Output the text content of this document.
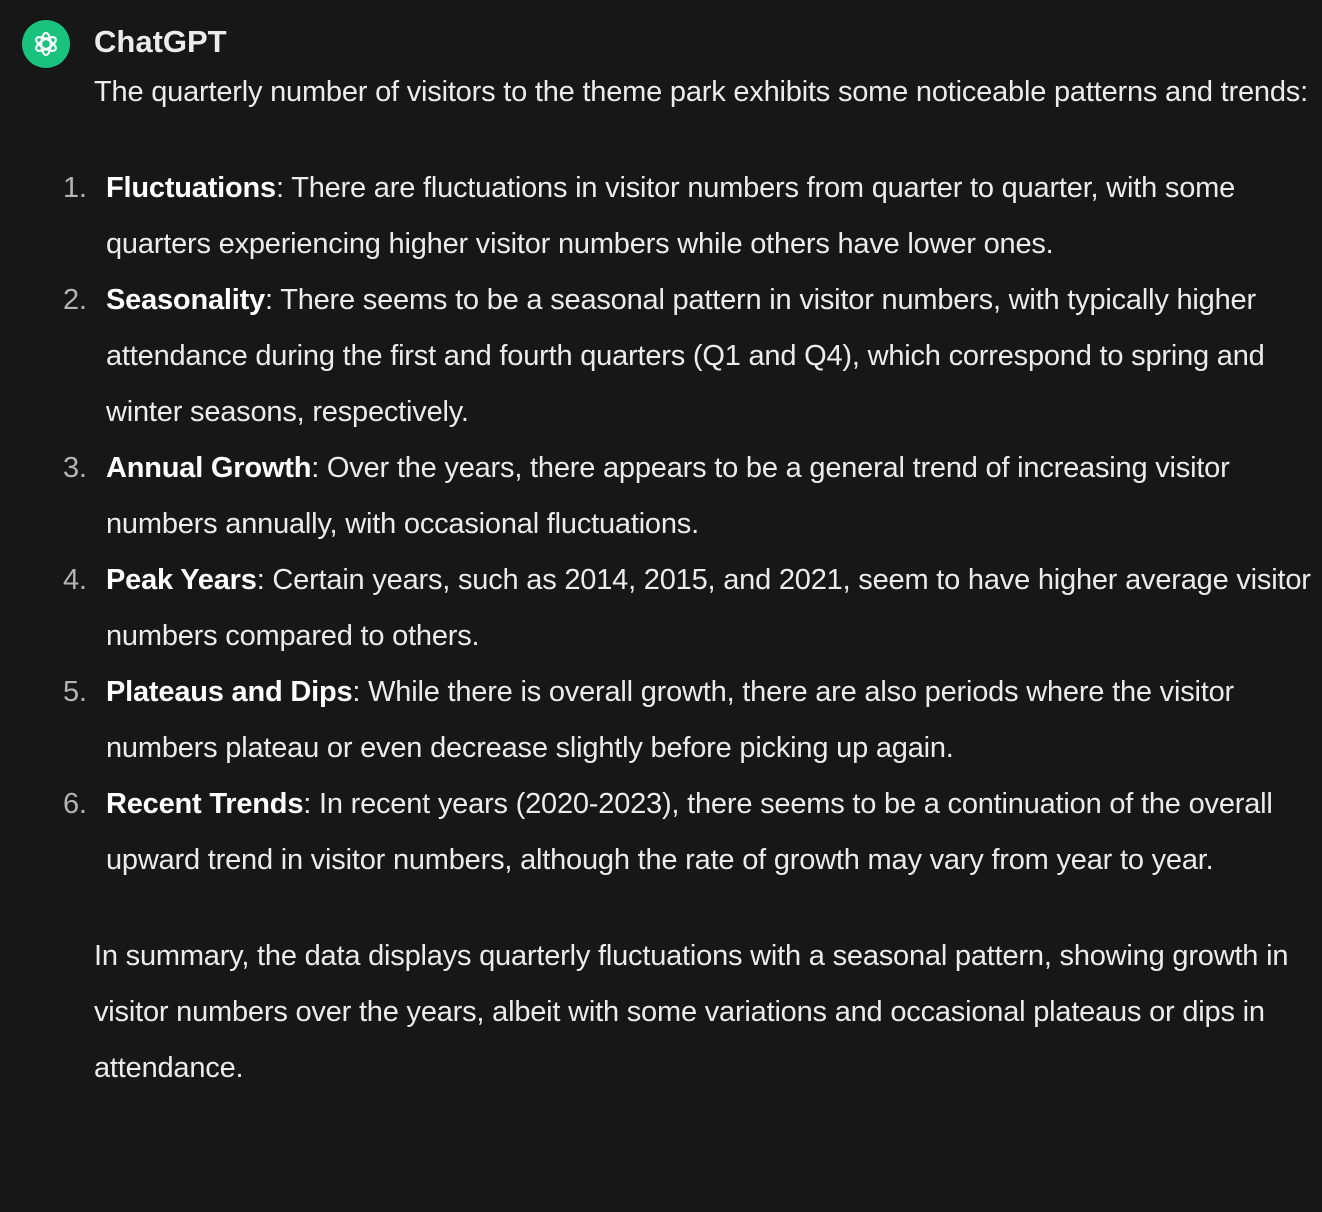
ChatGPT

The quarterly number of visitors to the theme park exhibits some noticeable patterns and trends:

1. Fluctuations: There are fluctuations in visitor numbers from quarter to quarter, with some quarters experiencing higher visitor numbers while others have lower ones.
2. Seasonality: There seems to be a seasonal pattern in visitor numbers, with typically higher attendance during the first and fourth quarters (Q1 and Q4), which correspond to spring and winter seasons, respectively.
3. Annual Growth: Over the years, there appears to be a general trend of increasing visitor numbers annually, with occasional fluctuations.
4. Peak Years: Certain years, such as 2014, 2015, and 2021, seem to have higher average visitor numbers compared to others.
5. Plateaus and Dips: While there is overall growth, there are also periods where the visitor numbers plateau or even decrease slightly before picking up again.
6. Recent Trends: In recent years (2020-2023), there seems to be a continuation of the overall upward trend in visitor numbers, although the rate of growth may vary from year to year.

In summary, the data displays quarterly fluctuations with a seasonal pattern, showing growth in visitor numbers over the years, albeit with some variations and occasional plateaus or dips in attendance.
